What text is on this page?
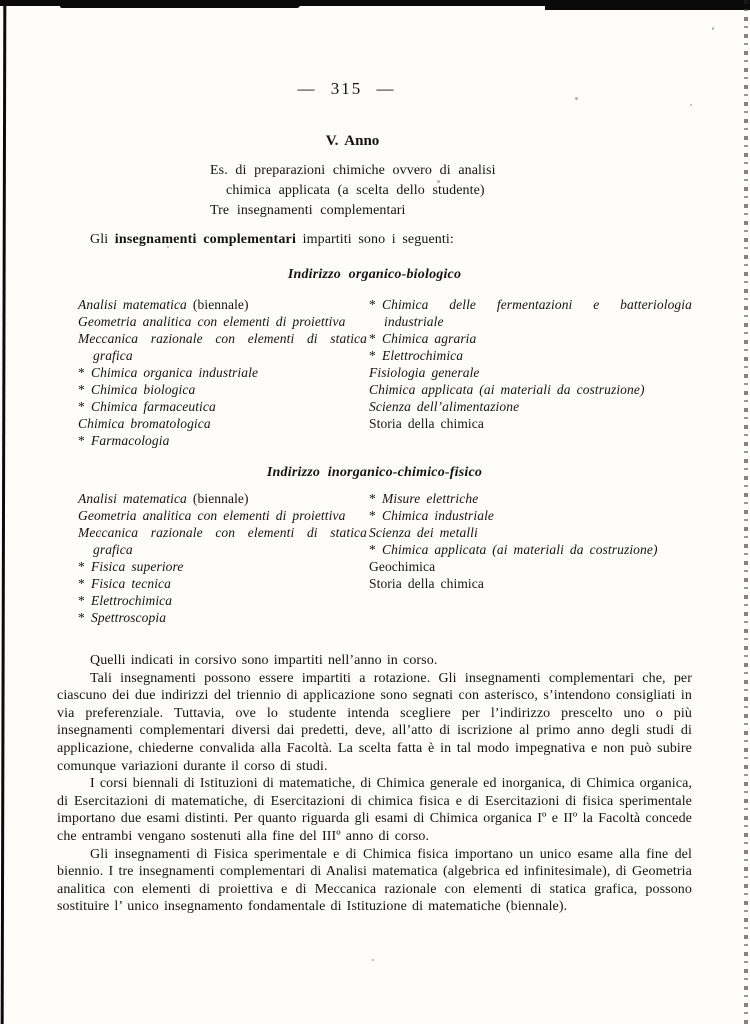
— 315 —
V. Anno
Es. di preparazioni chimiche ovvero di analisi
chimica applicata (a scelta dello studente)
Tre insegnamenti complementari
Gli insegnamenti complementari impartiti sono i seguenti:
Indirizzo organico-biologico
Analisi matematica (biennale)
Geometria analitica con elementi di proiettiva
Meccanica razionale con elementi di statica grafica
* Chimica organica industriale
* Chimica biologica
* Chimica farmaceutica
Chimica bromatologica
* Farmacologia
* Chimica delle fermentazioni e batteriologia industriale
* Chimica agraria
* Elettrochimica
Fisiologia generale
Chimica applicata (ai materiali da costruzione)
Scienza dell’alimentazione
Storia della chimica
Indirizzo inorganico-chimico-fisico
Analisi matematica (biennale)
Geometria analitica con elementi di proiettiva
Meccanica razionale con elementi di statica grafica
* Fisica superiore
* Fisica tecnica
* Elettrochimica
* Spettroscopia
* Misure elettriche
* Chimica industriale
Scienza dei metalli
* Chimica applicata (ai materiali da costruzione)
Geochimica
Storia della chimica

Quelli indicati in corsivo sono impartiti nell’anno in corso.

Tali insegnamenti possono essere impartiti a rotazione. Gli insegnamenti complementari che, per ciascuno dei due indirizzi del triennio di applicazione sono segnati con asterisco, s’intendono consigliati in via preferenziale. Tuttavia, ove lo studente intenda scegliere per l’indirizzo prescelto uno o più insegnamenti complementari diversi dai predetti, deve, all’atto di iscrizione al primo anno degli studi di applicazione, chiederne convalida alla Facoltà. La scelta fatta è in tal modo impegnativa e non può subire comunque variazioni durante il corso di studi.

I corsi biennali di Istituzioni di matematiche, di Chimica generale ed inorganica, di Chimica organica, di Esercitazioni di matematiche, di Esercitazioni di chimica fisica e di Esercitazioni di fisica sperimentale importano due esami distinti. Per quanto riguarda gli esami di Chimica organica Iº e IIº la Facoltà concede che entrambi vengano sostenuti alla fine del IIIº anno di corso.

Gli insegnamenti di Fisica sperimentale e di Chimica fisica importano un unico esame alla fine del biennio. I tre insegnamenti complementari di Analisi matematica (algebrica ed infinitesimale), di Geometria analitica con elementi di proiettiva e di Meccanica razionale con elementi di statica grafica, possono sostituire l’ unico insegnamento fondamentale di Istituzione di matematiche (biennale).
